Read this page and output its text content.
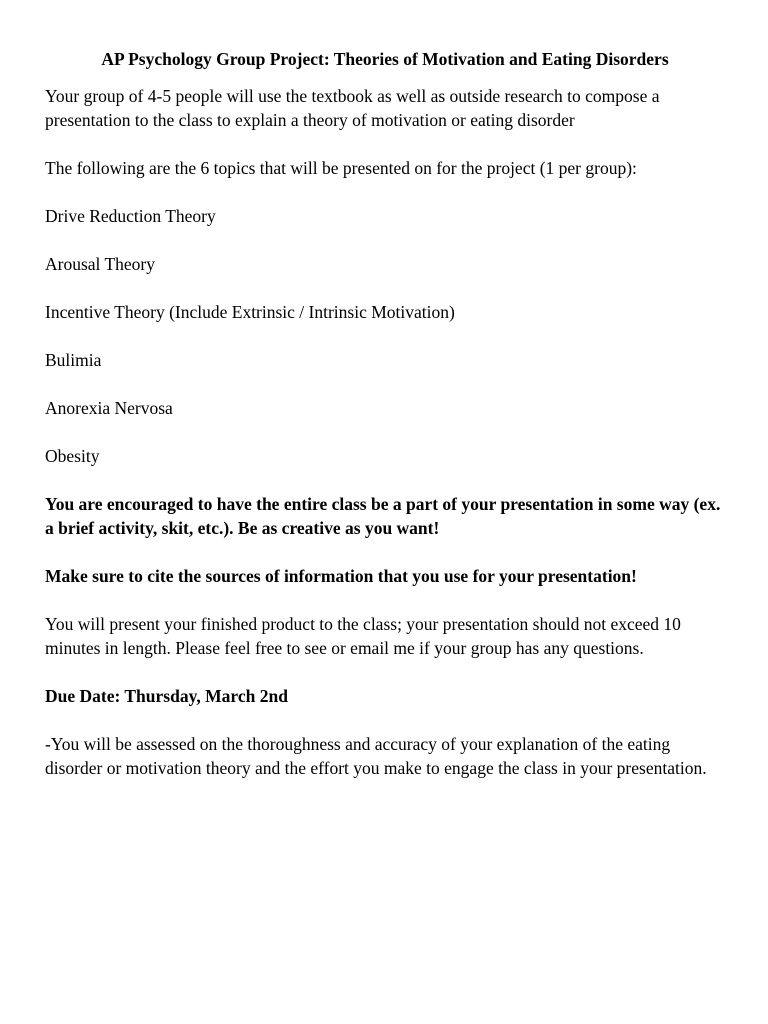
AP Psychology Group Project: Theories of Motivation and Eating Disorders

Your group of 4-5 people will use the textbook as well as outside research to compose a presentation to the class to explain a theory of motivation or eating disorder

The following are the 6 topics that will be presented on for the project (1 per group):

Drive Reduction Theory

Arousal Theory

Incentive Theory (Include Extrinsic / Intrinsic Motivation)

Bulimia

Anorexia Nervosa

Obesity

You are encouraged to have the entire class be a part of your presentation in some way (ex. a brief activity, skit, etc.). Be as creative as you want!

Make sure to cite the sources of information that you use for your presentation!

You will present your finished product to the class; your presentation should not exceed 10 minutes in length. Please feel free to see or email me if your group has any questions.

Due Date: Thursday, March 2nd

-You will be assessed on the thoroughness and accuracy of your explanation of the eating disorder or motivation theory and the effort you make to engage the class in your presentation.
